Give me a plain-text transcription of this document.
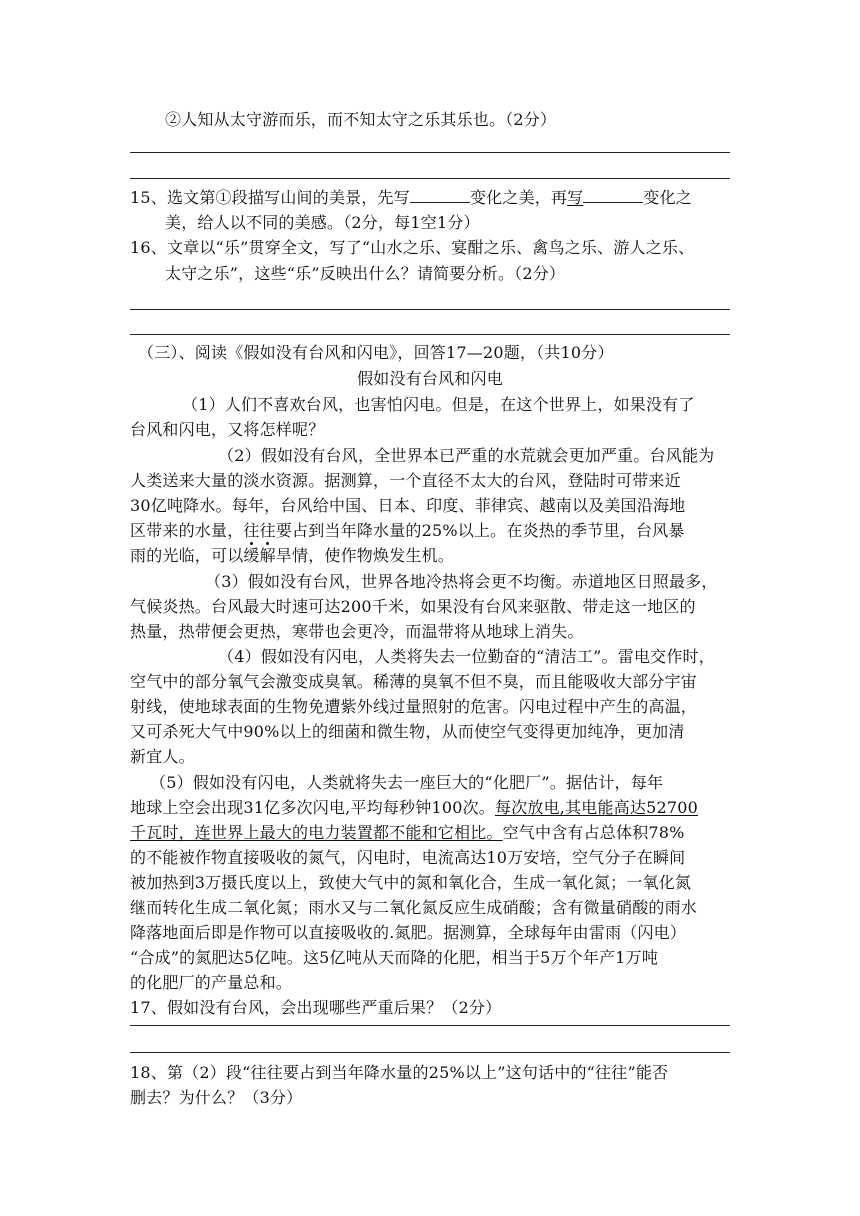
②人知从太守游而乐，而不知太守之乐其乐也。（2分）
15、选文第①段描写山间的美景，先写	变化之美，再写	变化之
美，给人以不同的美感。（2分，每1空1分）
16、文章以“乐”贯穿全文，写了“山水之乐、宴酣之乐、禽鸟之乐、游人之乐、
太守之乐”，这些“乐”反映出什么？请简要分析。（2分）
（三）、阅读《假如没有台风和闪电》，回答17—20题，（共10分）
假如没有台风和闪电
（1）人们不喜欢台风，也害怕闪电。但是，在这个世界上，如果没有了
台风和闪电，又将怎样呢？
（2）假如没有台风，全世界本已严重的水荒就会更加严重。台风能为
人类送来大量的淡水资源。据测算，一个直径不太大的台风，登陆时可带来近
30亿吨降水。每年，台风给中国、日本、印度、菲律宾、越南以及美国沿海地
区带来的水量，往往要占到当年降水量的25%以上。在炎热的季节里，台风暴
雨的光临，可以缓解旱情，使作物焕发生机。
（3）假如没有台风，世界各地冷热将会更不均衡。赤道地区日照最多，
气候炎热。台风最大时速可达200千米，如果没有台风来驱散、带走这一地区的
热量，热带便会更热，寒带也会更冷，而温带将从地球上消失。
（4）假如没有闪电，人类将失去一位勤奋的“清洁工”。雷电交作时，
空气中的部分氧气会激变成臭氧。稀薄的臭氧不但不臭，而且能吸收大部分宇宙
射线，使地球表面的生物免遭紫外线过量照射的危害。闪电过程中产生的高温，
又可杀死大气中90%以上的细菌和微生物，从而使空气变得更加纯净，更加清
新宜人。
（5）假如没有闪电，人类就将失去一座巨大的“化肥厂”。据估计，每年
地球上空会出现31亿多次闪电,平均每秒钟100次。每次放电,其电能高达52700
千瓦时，连世界上最大的电力装置都不能和它相比。空气中含有占总体积78%
的不能被作物直接吸收的氮气，闪电时，电流高达10万安培，空气分子在瞬间
被加热到3万摄氏度以上，致使大气中的氮和氧化合，生成一氧化氮；一氧化氮
继而转化生成二氧化氮；雨水又与二氧化氮反应生成硝酸；含有微量硝酸的雨水
降落地面后即是作物可以直接吸收的.氮肥。据测算，全球每年由雷雨（闪电）
“合成”的氮肥达5亿吨。这5亿吨从天而降的化肥，相当于5万个年产1万吨
的化肥厂的产量总和。
17、假如没有台风，会出现哪些严重后果？（2分）
18、第（2）段“往往要占到当年降水量的25%以上”这句话中的“往往”能否
删去？为什么？（3分）
